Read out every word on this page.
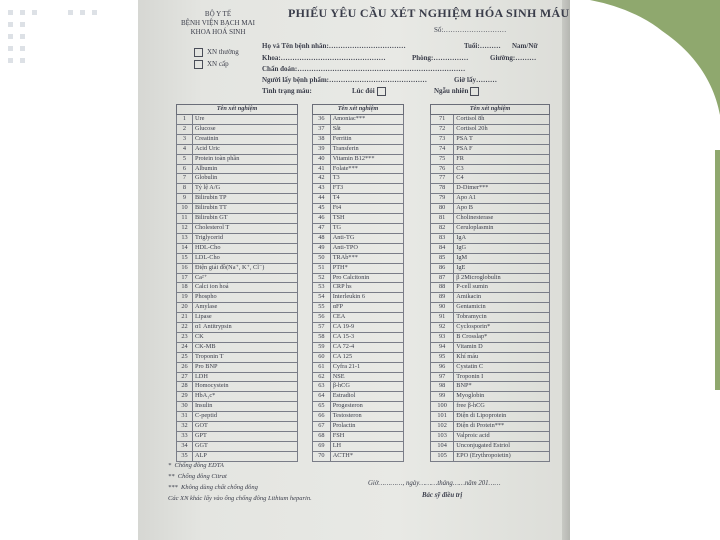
BỘ Y TẾ
BỆNH VIỆN BẠCH MAI
KHOA HOÁ SINH
PHIẾU YÊU CẦU XÉT NGHIỆM HÓA SINH MÁU
Số:………………………
XN thường
XN cấp
Họ và Tên bệnh nhân:……………………………	Tuổi:……… Nam/Nữ
Khoa:………………………………………	Phòng:……………	Giường:………
Chẩn đoán:………………………………………………………………
Người lấy bệnh phẩm:……………………………………	Giờ lấy………
Tình trạng máu:	Lúc đói	Ngẫu nhiên
Tên xét nghiệm	
1	Ure
2	Glucose
3	Creatinin
4	Acid Uric
5	Protein toàn phần
6	Albumin
7	Globulin
8	Tỷ lệ A/G
9	Bilirubin TP
10	Bilirubin TT
11	Bilirubin GT
12	Cholesterol T
13	Triglycerid
14	HDL-Cho
15	LDL-Cho
16	Điện giải đồ(Na⁺, K⁺, Cl⁻)
17	Ca²⁺
18	Calci ion hoá
19	Phospho
20	Amylase
21	Lipase
22	α1 Antitrypsin
23	CK
24	CK-MB
25	Troponin T
26	Pro BNP
27	LDH
28	Homocystein
29	HbA₁c*
30	Insulin
31	C-peptid
32	GOT
33	GPT
34	GGT
35	ALP
Tên xét nghiệm	
36	Amoniac***
37	Sắt
38	Ferritin
39	Transferin
40	Vitamin B12***
41	Folate***
42	T3
43	FT3
44	T4
45	Ft4
46	TSH
47	TG
48	Anti-TG
49	Anti-TPO
50	TRAb***
51	PTH*
52	Pro Calcitonin
53	CRP hs
54	Interleukin 6
55	αFP
56	CEA
57	CA 19-9
58	CA 15-3
59	CA 72-4
60	CA 125
61	Cyfra 21-1
62	NSE
63	β-hCG
64	Estradiol
65	Progesteron
66	Testosteron
67	Prolactin
68	FSH
69	LH
70	ACTH*
Tên xét nghiệm	
71	Cortisol 8h
72	Cortisol 20h
73	PSA T
74	PSA F
75	FR
76	C3
77	C4
78	D-Dimer***
79	Apo A1
80	Apo B
81	Cholinesterase
82	Ceruloplasmin
83	IgA
84	IgG
85	IgM
86	IgE
87	β 2Microglobulin
88	P-cell sumin
89	Amikacin
90	Gentamicin
91	Tobramycin
92	Cyclosporin*
93	B Crosslap*
94	Vitamin D
95	Khí máu
96	Cystatin C
97	Troponin I
98	BNP*
99	Myoglobin
100	free β-hCG
101	Điện di Lipoprotein
102	Điện di Protein***
103	Valproic acid
104	Unconjugated Estriol
105	EPO (Erythropoietin)
* Chống đông EDTA
** Chống đông Citrat
*** Không dùng chất chống đông
Các XN khác lấy vào ống chống đông Lithium heparin.
Giờ…………, ngày………tháng……năm 201……
Bác sỹ điều trị
